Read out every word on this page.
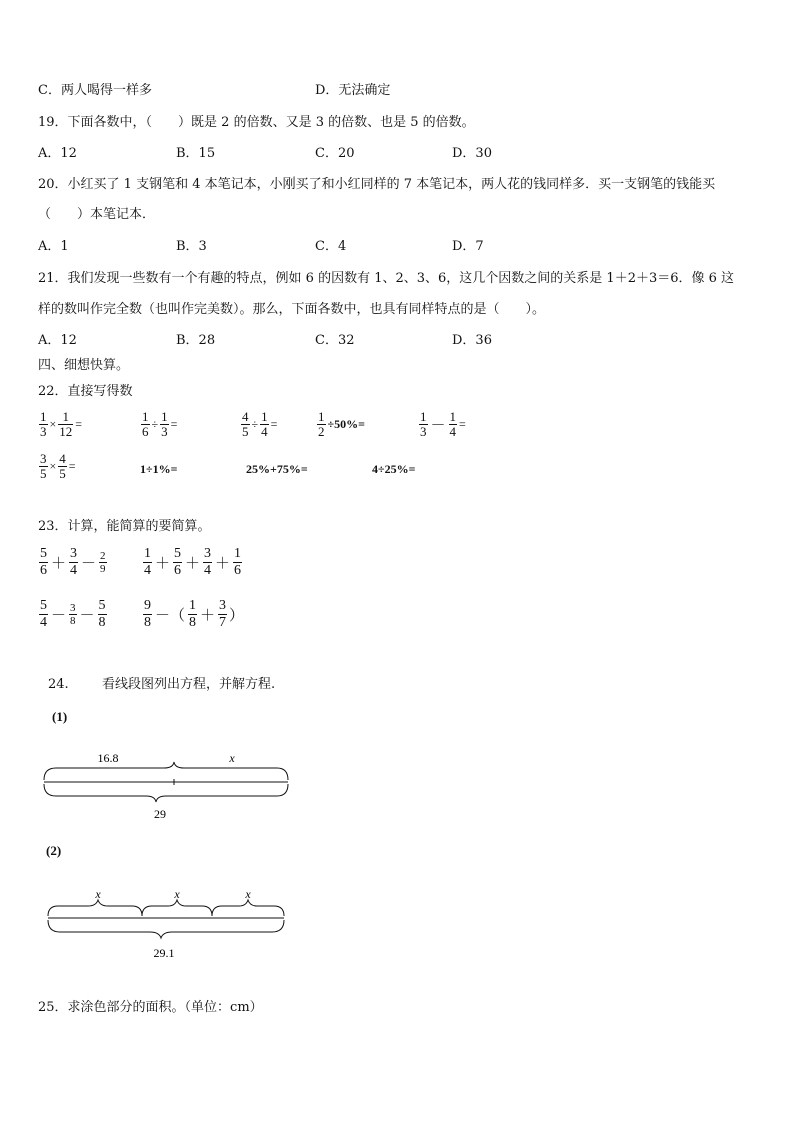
C．两人喝得一样多	D．无法确定
19．下面各数中，（　　）既是 2 的倍数、又是 3 的倍数、也是 5 的倍数。
A．12	B．15	C．20	D．30
20．小红买了 1 支钢笔和 4 本笔记本，小刚买了和小红同样的 7 本笔记本，两人花的钱同样多．买一支钢笔的钱能买
（　　）本笔记本．
A．1	B．3	C．4	D．7
21．我们发现一些数有一个有趣的特点，例如 6 的因数有 1、2、3、6，这几个因数之间的关系是 1＋2＋3＝6．像 6 这
样的数叫作完全数（也叫作完美数）。那么，下面各数中，也具有同样特点的是（　　）。
A．12	B．28	C．32	D．36
四、细想快算。
22．直接写得数
$\frac{1}{3} \times \frac{1}{12}$ =	$\frac{1}{6} \div \frac{1}{3}$ =	$\frac{4}{5} \div \frac{1}{4}$ =	$\frac{1}{2} \div 50\%=$	$\frac{1}{3} - \frac{1}{4}$ =
$\frac{3}{5} \times \frac{4}{5}$ =	1÷1%=	25%+75%=	4÷25%=
23．计算，能简算的要简算。
$\frac{5}{6} + \frac{3}{4} - \frac{2}{9}$	$\frac{1}{4} + \frac{5}{6} + \frac{3}{4} + \frac{1}{6}$
$\frac{5}{4} - \frac{3}{8} - \frac{5}{8}$	$\frac{9}{8}$ －（ $\frac{1}{8} + \frac{3}{7}$ ）
24.	看线段图列出方程，并解方程.
(1)
16.8	x
29
(2)
x	x	x
29.1
25．求涂色部分的面积。（单位：cm）
